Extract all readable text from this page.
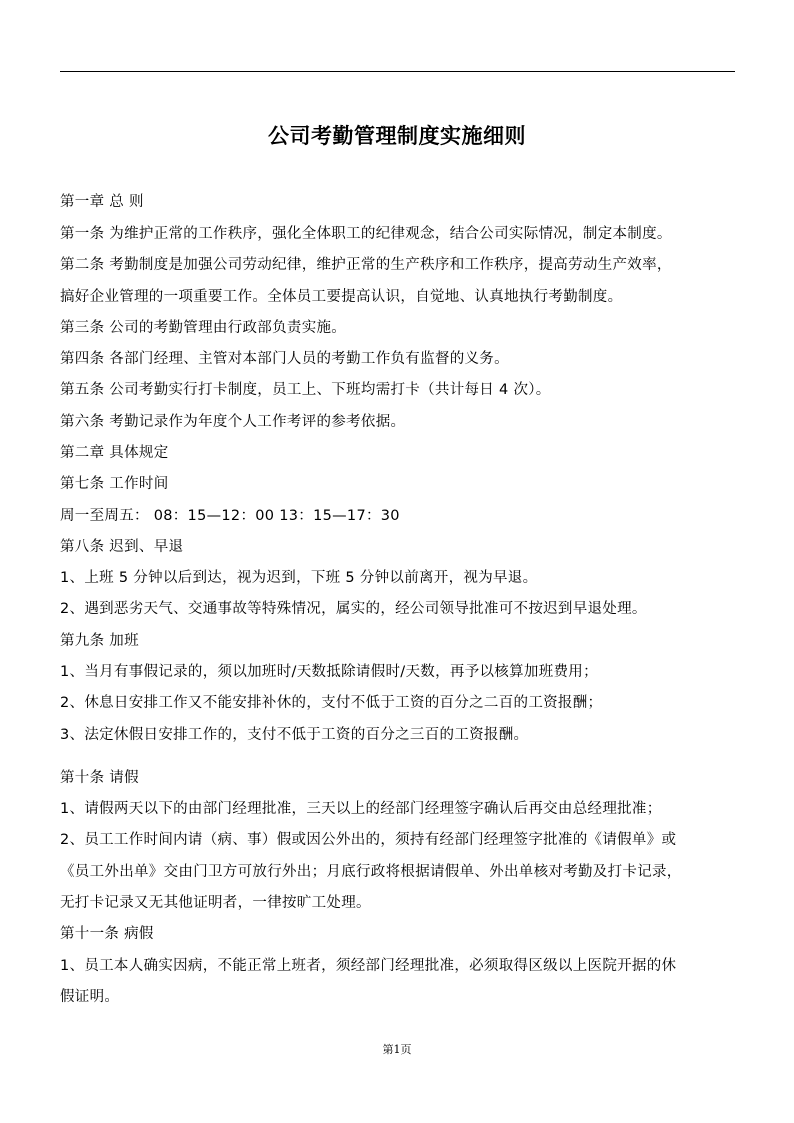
公司考勤管理制度实施细则
第一章 总 则
第一条 为维护正常的工作秩序，强化全体职工的纪律观念，结合公司实际情况，制定本制度。
第二条 考勤制度是加强公司劳动纪律，维护正常的生产秩序和工作秩序，提高劳动生产效率，
搞好企业管理的一项重要工作。全体员工要提高认识，自觉地、认真地执行考勤制度。
第三条 公司的考勤管理由行政部负责实施。
第四条 各部门经理、主管对本部门人员的考勤工作负有监督的义务。
第五条 公司考勤实行打卡制度，员工上、下班均需打卡（共计每日 4 次）。
第六条 考勤记录作为年度个人工作考评的参考依据。
第二章 具体规定
第七条 工作时间
周一至周五： 08：15—12：00 13：15—17：30
第八条 迟到、早退
1、上班 5 分钟以后到达，视为迟到，下班 5 分钟以前离开，视为早退。
2、遇到恶劣天气、交通事故等特殊情况，属实的，经公司领导批准可不按迟到早退处理。
第九条 加班
1、当月有事假记录的，须以加班时/天数抵除请假时/天数，再予以核算加班费用；
2、休息日安排工作又不能安排补休的，支付不低于工资的百分之二百的工资报酬；
3、法定休假日安排工作的，支付不低于工资的百分之三百的工资报酬。
第十条 请假
1、请假两天以下的由部门经理批准，三天以上的经部门经理签字确认后再交由总经理批准；
2、员工工作时间内请（病、事）假或因公外出的，须持有经部门经理签字批准的《请假单》或
《员工外出单》交由门卫方可放行外出；月底行政将根据请假单、外出单核对考勤及打卡记录，
无打卡记录又无其他证明者，一律按旷工处理。
第十一条 病假
1、员工本人确实因病，不能正常上班者，须经部门经理批准，必须取得区级以上医院开据的休
假证明。
第1页
